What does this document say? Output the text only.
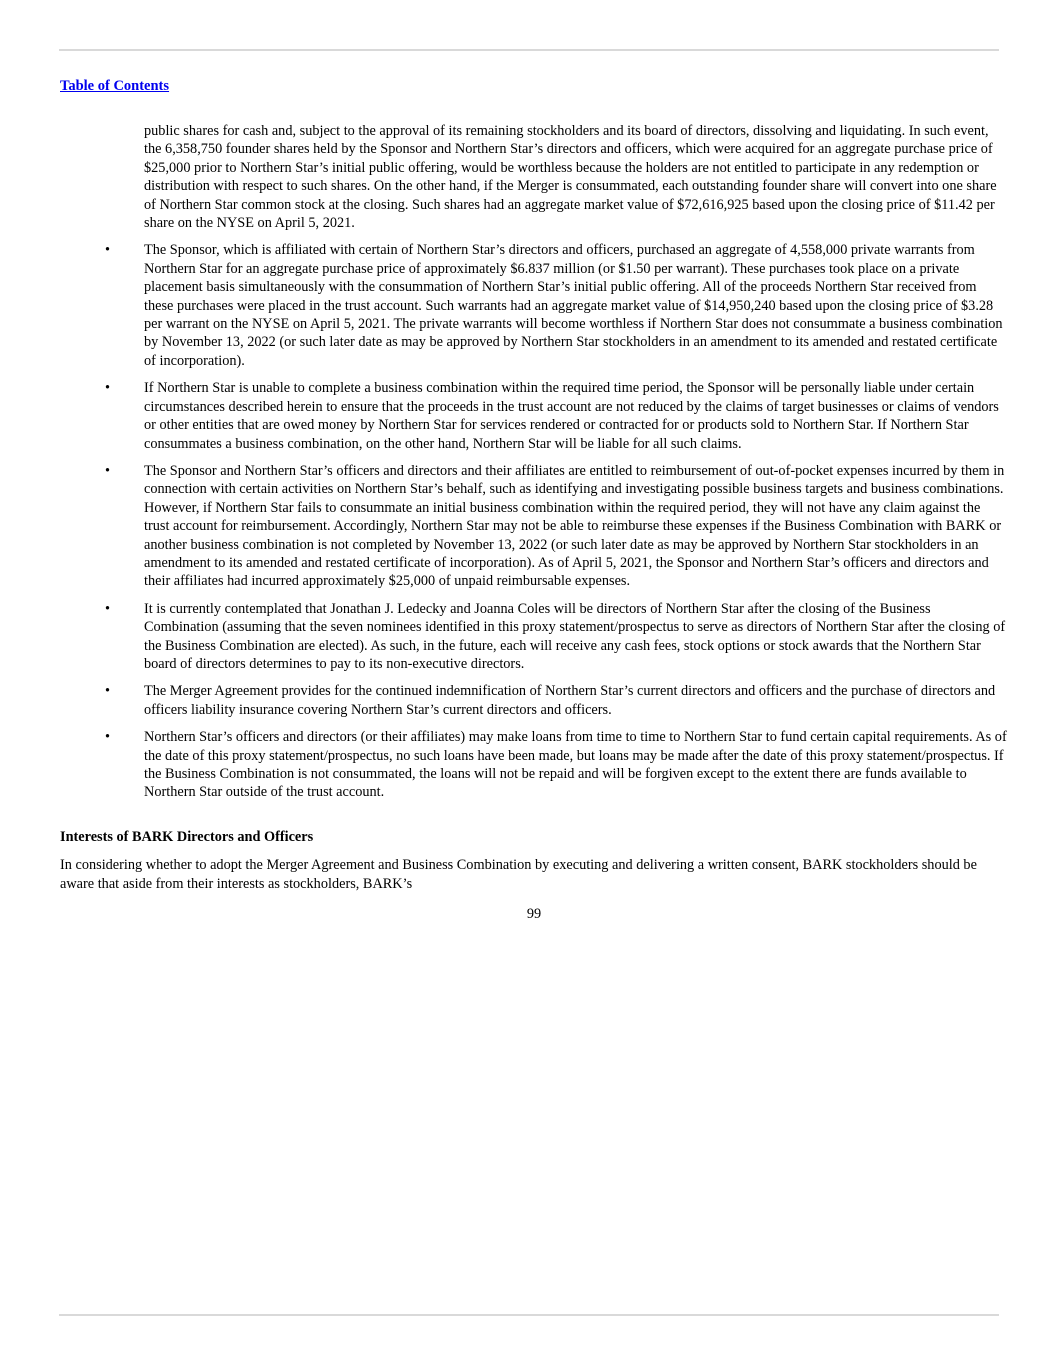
Table of Contents

public shares for cash and, subject to the approval of its remaining stockholders and its board of directors, dissolving and liquidating. In such event, the 6,358,750 founder shares held by the Sponsor and Northern Star’s directors and officers, which were acquired for an aggregate purchase price of $25,000 prior to Northern Star’s initial public offering, would be worthless because the holders are not entitled to participate in any redemption or distribution with respect to such shares. On the other hand, if the Merger is consummated, each outstanding founder share will convert into one share of Northern Star common stock at the closing. Such shares had an aggregate market value of $72,616,925 based upon the closing price of $11.42 per share on the NYSE on April 5, 2021.

• The Sponsor, which is affiliated with certain of Northern Star’s directors and officers, purchased an aggregate of 4,558,000 private warrants from Northern Star for an aggregate purchase price of approximately $6.837 million (or $1.50 per warrant). These purchases took place on a private placement basis simultaneously with the consummation of Northern Star’s initial public offering. All of the proceeds Northern Star received from these purchases were placed in the trust account. Such warrants had an aggregate market value of $14,950,240 based upon the closing price of $3.28 per warrant on the NYSE on April 5, 2021. The private warrants will become worthless if Northern Star does not consummate a business combination by November 13, 2022 (or such later date as may be approved by Northern Star stockholders in an amendment to its amended and restated certificate of incorporation).
• If Northern Star is unable to complete a business combination within the required time period, the Sponsor will be personally liable under certain circumstances described herein to ensure that the proceeds in the trust account are not reduced by the claims of target businesses or claims of vendors or other entities that are owed money by Northern Star for services rendered or contracted for or products sold to Northern Star. If Northern Star consummates a business combination, on the other hand, Northern Star will be liable for all such claims.
• The Sponsor and Northern Star’s officers and directors and their affiliates are entitled to reimbursement of out-of-pocket expenses incurred by them in connection with certain activities on Northern Star’s behalf, such as identifying and investigating possible business targets and business combinations. However, if Northern Star fails to consummate an initial business combination within the required period, they will not have any claim against the trust account for reimbursement. Accordingly, Northern Star may not be able to reimburse these expenses if the Business Combination with BARK or another business combination is not completed by November 13, 2022 (or such later date as may be approved by Northern Star stockholders in an amendment to its amended and restated certificate of incorporation). As of April 5, 2021, the Sponsor and Northern Star’s officers and directors and their affiliates had incurred approximately $25,000 of unpaid reimbursable expenses.
• It is currently contemplated that Jonathan J. Ledecky and Joanna Coles will be directors of Northern Star after the closing of the Business Combination (assuming that the seven nominees identified in this proxy statement/prospectus to serve as directors of Northern Star after the closing of the Business Combination are elected). As such, in the future, each will receive any cash fees, stock options or stock awards that the Northern Star board of directors determines to pay to its non-executive directors.
• The Merger Agreement provides for the continued indemnification of Northern Star’s current directors and officers and the purchase of directors and officers liability insurance covering Northern Star’s current directors and officers.
• Northern Star’s officers and directors (or their affiliates) may make loans from time to time to Northern Star to fund certain capital requirements. As of the date of this proxy statement/prospectus, no such loans have been made, but loans may be made after the date of this proxy statement/prospectus. If the Business Combination is not consummated, the loans will not be repaid and will be forgiven except to the extent there are funds available to Northern Star outside of the trust account.
Interests of BARK Directors and Officers
In considering whether to adopt the Merger Agreement and Business Combination by executing and delivering a written consent, BARK stockholders should be aware that aside from their interests as stockholders, BARK’s
99
